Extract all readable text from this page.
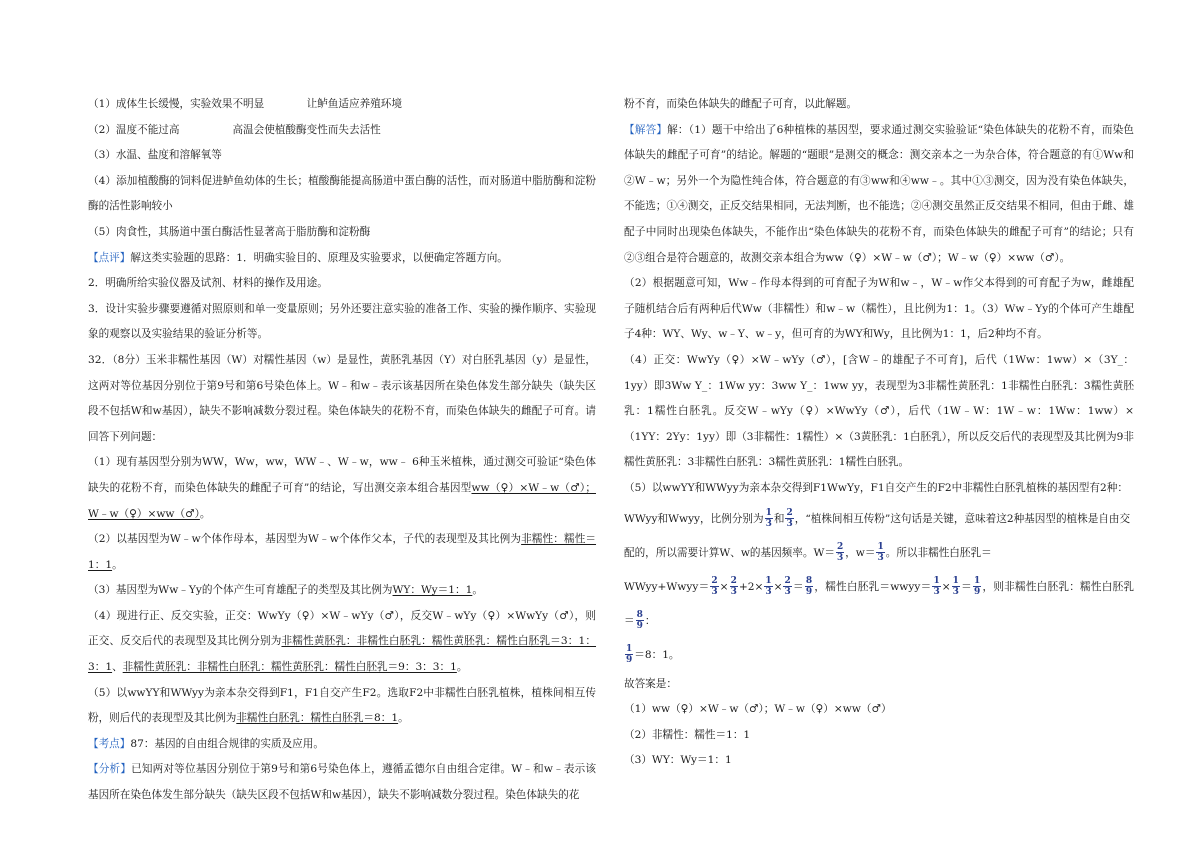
（1）成体生长缓慢，实验效果不明显　　　　让鲈鱼适应养殖环境

（2）温度不能过高　　　　　高温会使植酸酶变性而失去活性

（3）水温、盐度和溶解氧等

（4）添加植酸酶的饲料促进鲈鱼幼体的生长；植酸酶能提高肠道中蛋白酶的活性，而对肠道中脂肪酶和淀粉酶的活性影响较小

（5）肉食性，其肠道中蛋白酶活性显著高于脂肪酶和淀粉酶

【点评】解这类实验题的思路：1．明确实验目的、原理及实验要求，以便确定答题方向。

2．明确所给实验仪器及试剂、材料的操作及用途。

3．设计实验步骤要遵循对照原则和单一变量原则；另外还要注意实验的准备工作、实验的操作顺序、实验现象的观察以及实验结果的验证分析等。

32．（8分）玉米非糯性基因（W）对糯性基因（w）是显性，黄胚乳基因（Y）对白胚乳基因（y）是显性，这两对等位基因分别位于第9号和第6号染色体上。W﹣和w﹣表示该基因所在染色体发生部分缺失（缺失区段不包括W和w基因），缺失不影响减数分裂过程。染色体缺失的花粉不育，而染色体缺失的雌配子可育。请回答下列问题：

（1）现有基因型分别为WW，Ww，ww，WW﹣、W﹣w，ww﹣ 6种玉米植株，通过测交可验证“染色体缺失的花粉不育，而染色体缺失的雌配子可育”的结论，写出测交亲本组合基因型ww（♀）×W﹣w（♂）；W﹣w（♀）×ww（♂）。

（2）以基因型为W﹣w个体作母本，基因型为W﹣w个体作父本，子代的表现型及其比例为非糯性：糯性＝1：1。

（3）基因型为Ww﹣Yy的个体产生可育雄配子的类型及其比例为WY：Wy＝1：1。

（4）现进行正、反交实验，正交：WwYy（♀）×W﹣wYy（♂），反交W﹣wYy（♀）×WwYy（♂），则正交、反交后代的表现型及其比例分别为非糯性黄胚乳：非糯性白胚乳：糯性黄胚乳：糯性白胚乳＝3：1：3：1、非糯性黄胚乳：非糯性白胚乳：糯性黄胚乳：糯性白胚乳＝9：3：3：1。

（5）以wwYY和WWyy为亲本杂交得到F1，F1自交产生F2。选取F2中非糯性白胚乳植株，植株间相互传粉，则后代的表现型及其比例为非糯性白胚乳：糯性白胚乳＝8：1。

【考点】87：基因的自由组合规律的实质及应用。

【分析】已知两对等位基因分别位于第9号和第6号染色体上，遵循孟德尔自由组合定律。W﹣和w﹣表示该基因所在染色体发生部分缺失（缺失区段不包括W和w基因），缺失不影响减数分裂过程。染色体缺失的花

粉不育，而染色体缺失的雌配子可育，以此解题。

【解答】解：（1）题干中给出了6种植株的基因型，要求通过测交实验验证“染色体缺失的花粉不育，而染色体缺失的雌配子可育”的结论。解题的“题眼”是测交的概念：测交亲本之一为杂合体，符合题意的有①Ww和②W﹣w；另外一个为隐性纯合体，符合题意的有③ww和④ww﹣。其中①③测交，因为没有染色体缺失，不能选；①④测交，正反交结果相同，无法判断，也不能选；②④测交虽然正反交结果不相同，但由于雌、雄配子中同时出现染色体缺失，不能作出“染色体缺失的花粉不育，而染色体缺失的雌配子可育”的结论；只有②③组合是符合题意的，故测交亲本组合为ww（♀）×W﹣w（♂）；W﹣w（♀）×ww（♂）。

（2）根据题意可知，Ww﹣作母本得到的可育配子为W和w﹣，W﹣w作父本得到的可育配子为w，雌雄配子随机结合后有两种后代Ww（非糯性）和w﹣w（糯性），且比例为1：1。（3）Ww﹣Yy的个体可产生雄配子4种：WY、Wy、w﹣Y、w﹣y，但可育的为WY和Wy，且比例为1：1，后2种均不育。

（4）正交：WwYy（♀）×W﹣wYy（♂），[含W﹣的雄配子不可育]，后代（1Ww：1ww）×（3Y_：1yy）即3Ww Y_：1Ww yy：3ww Y_：1ww yy，表现型为3非糯性黄胚乳：1非糯性白胚乳：3糯性黄胚乳：1糯性白胚乳。反交W﹣wYy（♀）×WwYy（♂），后代（1W﹣W：1W﹣w：1Ww：1ww）×（1YY：2Yy：1yy）即（3非糯性：1糯性）×（3黄胚乳：1白胚乳），所以反交后代的表现型及其比例为9非糯性黄胚乳：3非糯性白胚乳：3糯性黄胚乳：1糯性白胚乳。

（5）以wwYY和WWyy为亲本杂交得到F1WwYy，F1自交产生的F2中非糯性白胚乳植株的基因型有2种：

WWyy和Wwyy，比例分别为 $\frac{1}{3}$ 和 $\frac{2}{3}$ ，“植株间相互传粉”这句话是关键，意味着这2种基因型的植株是自由交

配的，所以需要计算W、w的基因频率。$W= \frac{2}{3}$ ，$w= \frac{1}{3}$ 。所以非糯性白胚乳＝

WWyy+Wwyy＝ $\frac{2}{3} \times \frac{2}{3} +2\times \frac{1}{3} \times \frac{2}{3} = \frac{8}{9}$ ，糯性白胚乳＝wwyy＝ $\frac{1}{3} \times \frac{1}{3} = \frac{1}{9}$ ，则非糯性白胚乳：糯性白胚乳＝ $\frac{8}{9}$ ：

$\frac{1}{9} =8$：1。

故答案是：

（1）ww（♀）×W﹣w（♂）；W﹣w（♀）×ww（♂）

（2）非糯性：糯性＝1：1

（3）WY：Wy＝1：1
